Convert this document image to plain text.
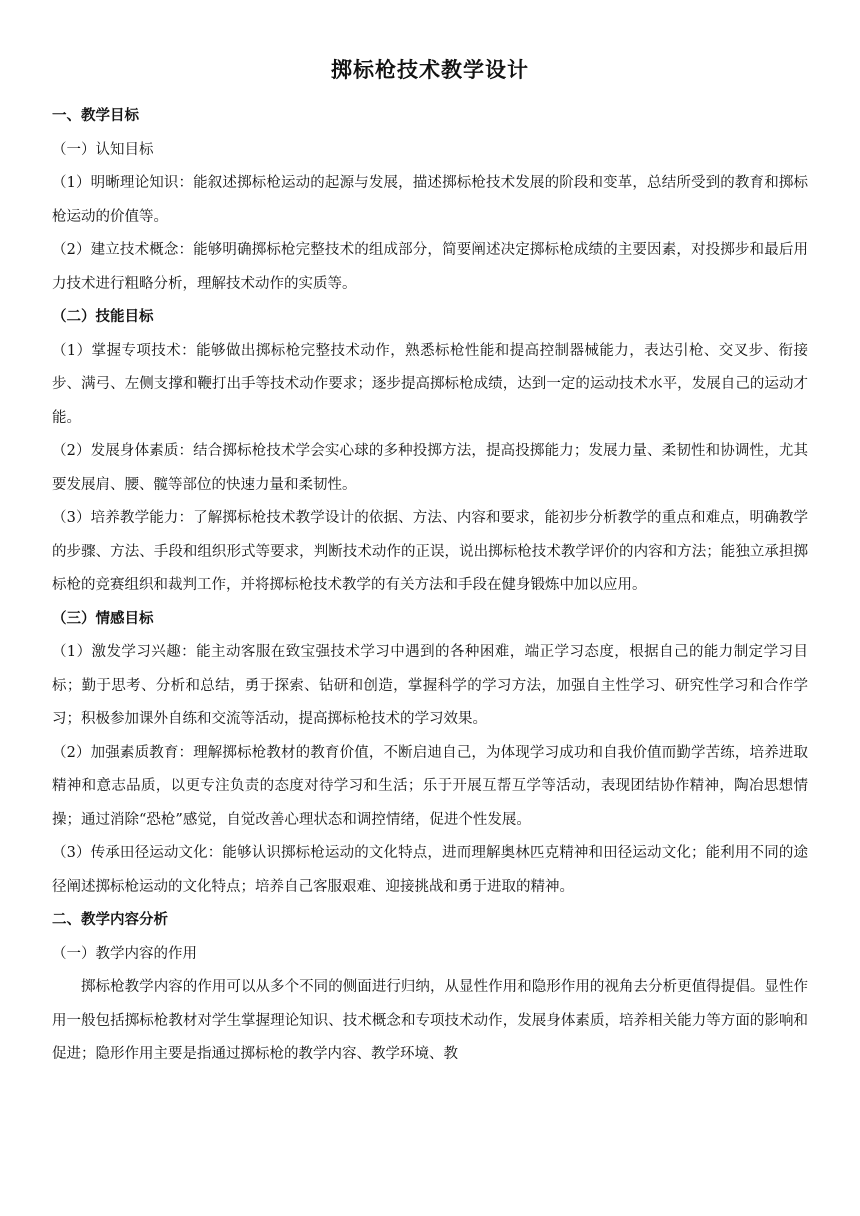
掷标枪技术教学设计

一、教学目标

（一）认知目标

（1）明晰理论知识：能叙述掷标枪运动的起源与发展，描述掷标枪技术发展的阶段和变革，总结所受到的教育和掷标枪运动的价值等。

（2）建立技术概念：能够明确掷标枪完整技术的组成部分，简要阐述决定掷标枪成绩的主要因素，对投掷步和最后用力技术进行粗略分析，理解技术动作的实质等。

（二）技能目标

（1）掌握专项技术：能够做出掷标枪完整技术动作，熟悉标枪性能和提高控制器械能力，表达引枪、交叉步、衔接步、满弓、左侧支撑和鞭打出手等技术动作要求；逐步提高掷标枪成绩，达到一定的运动技术水平，发展自己的运动才能。

（2）发展身体素质：结合掷标枪技术学会实心球的多种投掷方法，提高投掷能力；发展力量、柔韧性和协调性，尤其要发展肩、腰、髋等部位的快速力量和柔韧性。

（3）培养教学能力：了解掷标枪技术教学设计的依据、方法、内容和要求，能初步分析教学的重点和难点，明确教学的步骤、方法、手段和组织形式等要求，判断技术动作的正误，说出掷标枪技术教学评价的内容和方法；能独立承担掷标枪的竞赛组织和裁判工作，并将掷标枪技术教学的有关方法和手段在健身锻炼中加以应用。

（三）情感目标

（1）激发学习兴趣：能主动客服在致宝强技术学习中遇到的各种困难，端正学习态度，根据自己的能力制定学习目标；勤于思考、分析和总结，勇于探索、钻研和创造，掌握科学的学习方法，加强自主性学习、研究性学习和合作学习；积极参加课外自练和交流等活动，提高掷标枪技术的学习效果。

（2）加强素质教育：理解掷标枪教材的教育价值，不断启迪自己，为体现学习成功和自我价值而勤学苦练，培养进取精神和意志品质，以更专注负责的态度对待学习和生活；乐于开展互帮互学等活动，表现团结协作精神，陶冶思想情操；通过消除“恐枪”感觉，自觉改善心理状态和调控情绪，促进个性发展。

（3）传承田径运动文化：能够认识掷标枪运动的文化特点，进而理解奥林匹克精神和田径运动文化；能利用不同的途径阐述掷标枪运动的文化特点；培养自己客服艰难、迎接挑战和勇于进取的精神。

二、教学内容分析

（一）教学内容的作用

掷标枪教学内容的作用可以从多个不同的侧面进行归纳，从显性作用和隐形作用的视角去分析更值得提倡。显性作用一般包括掷标枪教材对学生掌握理论知识、技术概念和专项技术动作，发展身体素质，培养相关能力等方面的影响和促进；隐形作用主要是指通过掷标枪的教学内容、教学环境、教
